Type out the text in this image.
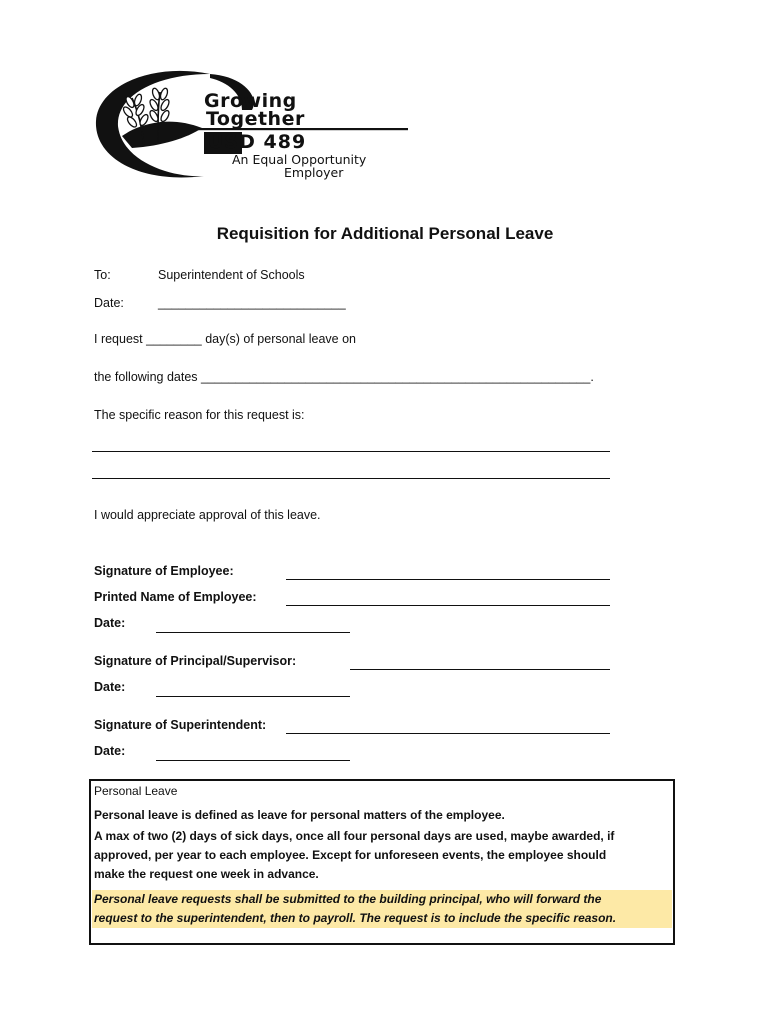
Growing
Together
USD 489
An Equal Opportunity
Employer
Requisition for Additional Personal Leave
To:	Superintendent of Schools
Date:	___________________________
I request ________ day(s) of personal leave on
the following dates ________________________________________________________.
The specific reason for this request is:
I would appreciate approval of this leave.
Signature of Employee:
Printed Name of Employee:
Date:
Signature of Principal/Supervisor:
Date:
Signature of Superintendent:
Date:
Personal Leave
Personal leave is defined as leave for personal matters of the employee.
A max of two (2) days of sick days, once all four personal days are used, maybe awarded, if
approved, per year to each employee. Except for unforeseen events, the employee should
make the request one week in advance.
Personal leave requests shall be submitted to the building principal, who will forward the
request to the superintendent, then to payroll. The request is to include the specific reason.
